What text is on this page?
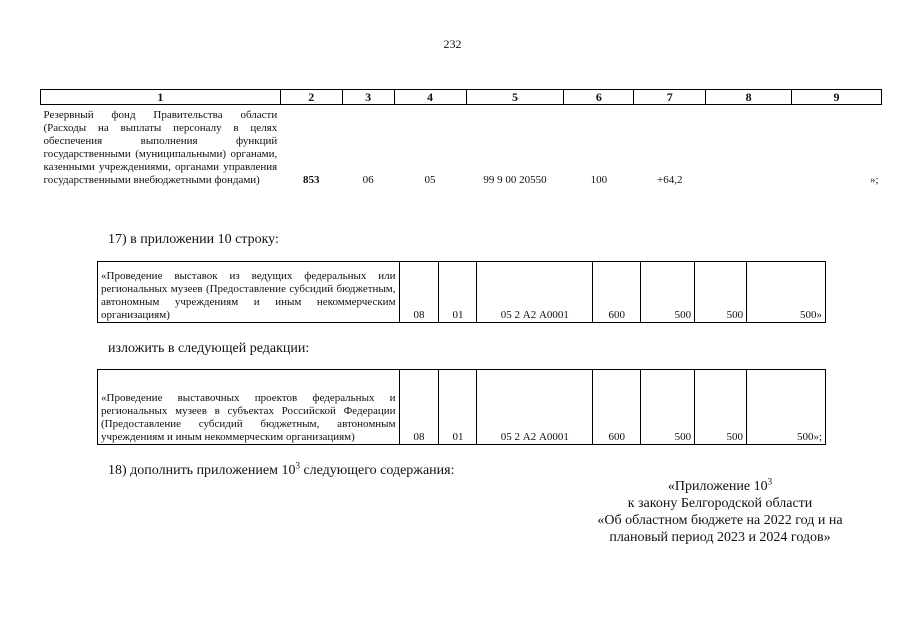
232
1	2	3	4	5	6	7	8	9
Резервный фонд Правительства области (Расходы на выплаты персоналу в целях обеспечения выполнения функций государственными (муниципальными) органами, казенными учреждениями, органами управления государственными внебюджетными фондами)	853	06	05	99 9 00 20550	100	+64,2		»;
17) в приложении 10 строку:
«Проведение выставок из ведущих федеральных или региональных музеев (Предоставление субсидий бюджетным, автономным учреждениям и иным некоммерческим организациям)	08	01	05 2 А2 А0001	600	500	500	500»
изложить в следующей редакции:
«Проведение выставочных проектов федеральных и региональных музеев в субъектах Российской Федерации (Предоставление субсидий бюджетным, автономным учреждениям и иным некоммерческим организациям)	08	01	05 2 А2 А0001	600	500	500	500»;
18) дополнить приложением $10^3$ следующего содержания:
«Приложение $10^3$
к закону Белгородской области
«Об областном бюджете на 2022 год и на
плановый период 2023 и 2024 годов»
